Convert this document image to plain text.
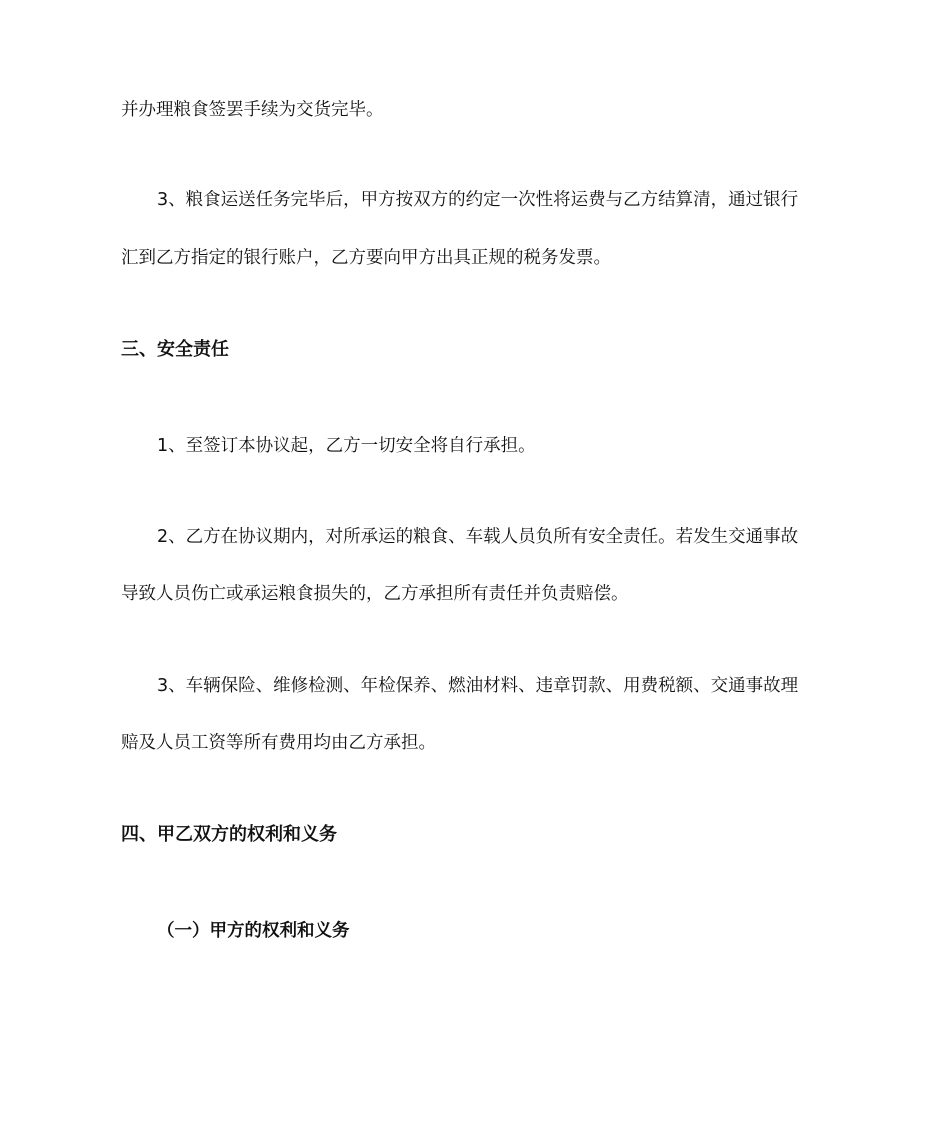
并办理粮食签罢手续为交货完毕。
3、粮食运送任务完毕后，甲方按双方的约定一次性将运费与乙方结算清，通过银行
汇到乙方指定的银行账户，乙方要向甲方出具正规的税务发票。
三、安全责任
1、至签订本协议起，乙方一切安全将自行承担。
2、乙方在协议期内，对所承运的粮食、车载人员负所有安全责任。若发生交通事故
导致人员伤亡或承运粮食损失的，乙方承担所有责任并负责赔偿。
3、车辆保险、维修检测、年检保养、燃油材料、违章罚款、用费税额、交通事故理
赔及人员工资等所有费用均由乙方承担。
四、甲乙双方的权利和义务
（一）甲方的权利和义务
